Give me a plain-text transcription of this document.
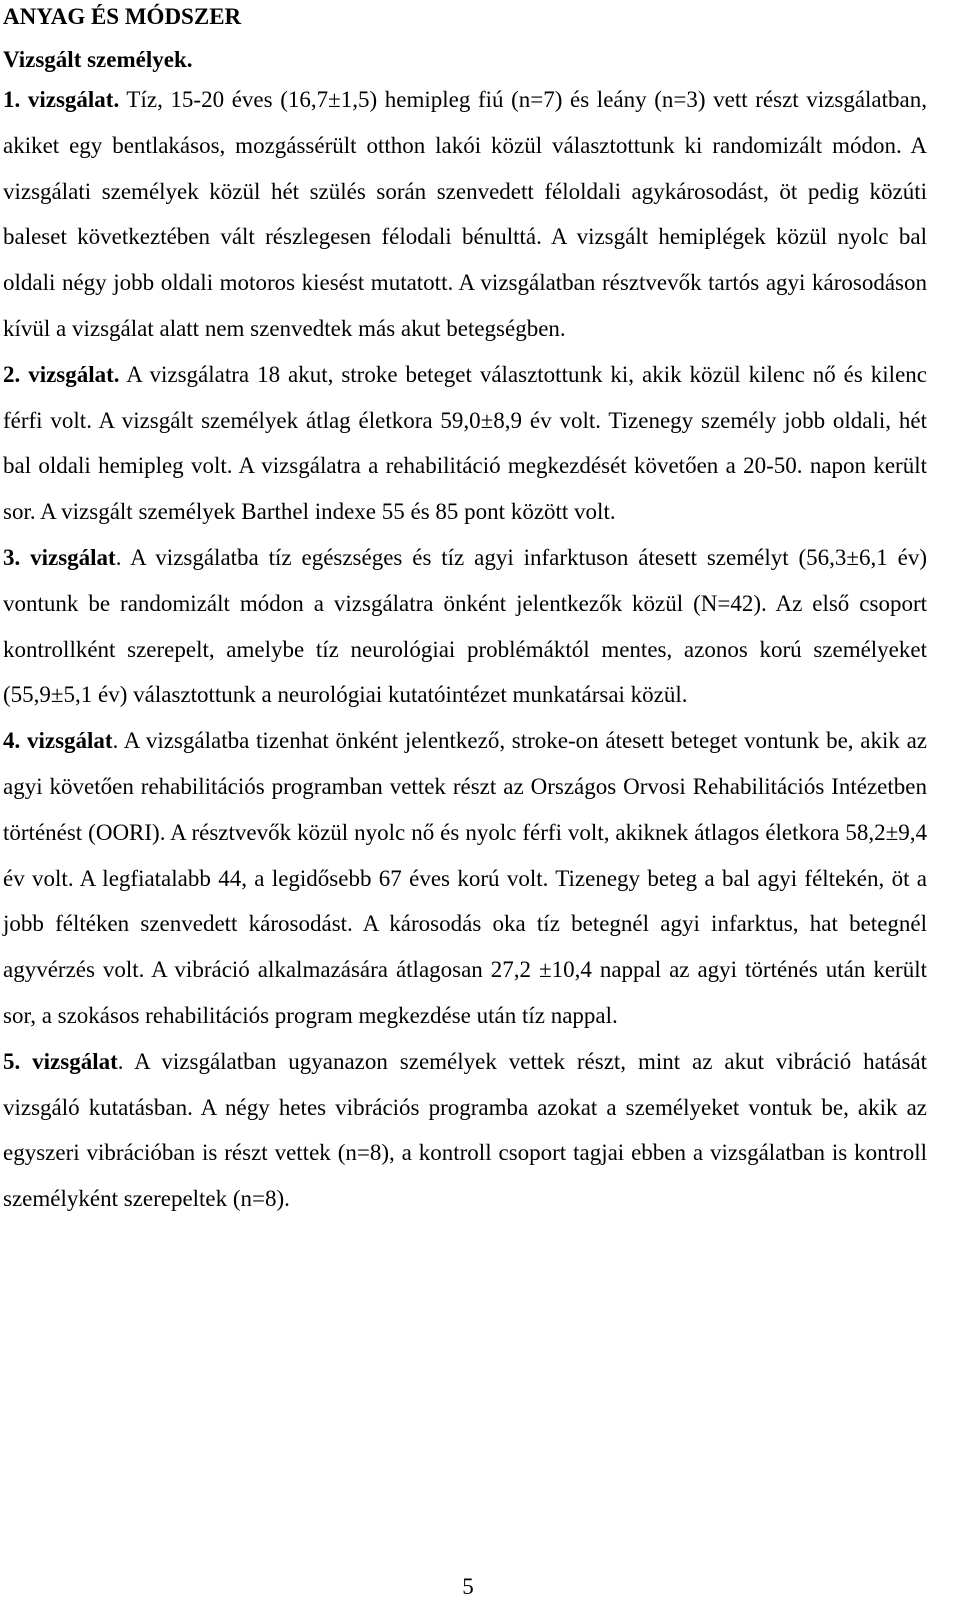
ANYAG ÉS MÓDSZER
Vizsgált személyek.

1. vizsgálat. Tíz, 15-20 éves (16,7±1,5) hemipleg fiú (n=7) és leány (n=3) vett részt vizsgálatban, akiket egy bentlakásos, mozgássérült otthon lakói közül választottunk ki randomizált módon. A vizsgálati személyek közül hét szülés során szenvedett féloldali agykárosodást, öt pedig közúti baleset következtében vált részlegesen félodali bénulttá. A vizsgált hemiplégek közül nyolc bal oldali négy jobb oldali motoros kiesést mutatott. A vizsgálatban résztvevők tartós agyi károsodáson kívül a vizsgálat alatt nem szenvedtek más akut betegségben.

2. vizsgálat. A vizsgálatra 18 akut, stroke beteget választottunk ki, akik közül kilenc nő és kilenc férfi volt. A vizsgált személyek átlag életkora 59,0±8,9 év volt. Tizenegy személy jobb oldali, hét bal oldali hemipleg volt. A vizsgálatra a rehabilitáció megkezdését követően a 20-50. napon került sor. A vizsgált személyek Barthel indexe 55 és 85 pont között volt.

3. vizsgálat. A vizsgálatba tíz egészséges és tíz agyi infarktuson átesett személyt (56,3±6,1 év) vontunk be randomizált módon a vizsgálatra önként jelentkezők közül (N=42). Az első csoport kontrollként szerepelt, amelybe tíz neurológiai problémáktól mentes, azonos korú személyeket (55,9±5,1 év) választottunk a neurológiai kutatóintézet munkatársai közül.

4. vizsgálat. A vizsgálatba tizenhat önként jelentkező, stroke-on átesett beteget vontunk be, akik az agyi követően rehabilitációs programban vettek részt az Országos Orvosi Rehabilitációs Intézetben történést (OORI). A résztvevők közül nyolc nő és nyolc férfi volt, akiknek átlagos életkora 58,2±9,4 év volt. A legfiatalabb 44, a legidősebb 67 éves korú volt. Tizenegy beteg a bal agyi féltekén, öt a jobb féltéken szenvedett károsodást. A károsodás oka tíz betegnél agyi infarktus, hat betegnél agyvérzés volt. A vibráció alkalmazására átlagosan 27,2 ±10,4 nappal az agyi történés után került sor, a szokásos rehabilitációs program megkezdése után tíz nappal.

5. vizsgálat. A vizsgálatban ugyanazon személyek vettek részt, mint az akut vibráció hatását vizsgáló kutatásban. A négy hetes vibrációs programba azokat a személyeket vontuk be, akik az egyszeri vibrációban is részt vettek (n=8), a kontroll csoport tagjai ebben a vizsgálatban is kontroll személyként szerepeltek (n=8).

5
